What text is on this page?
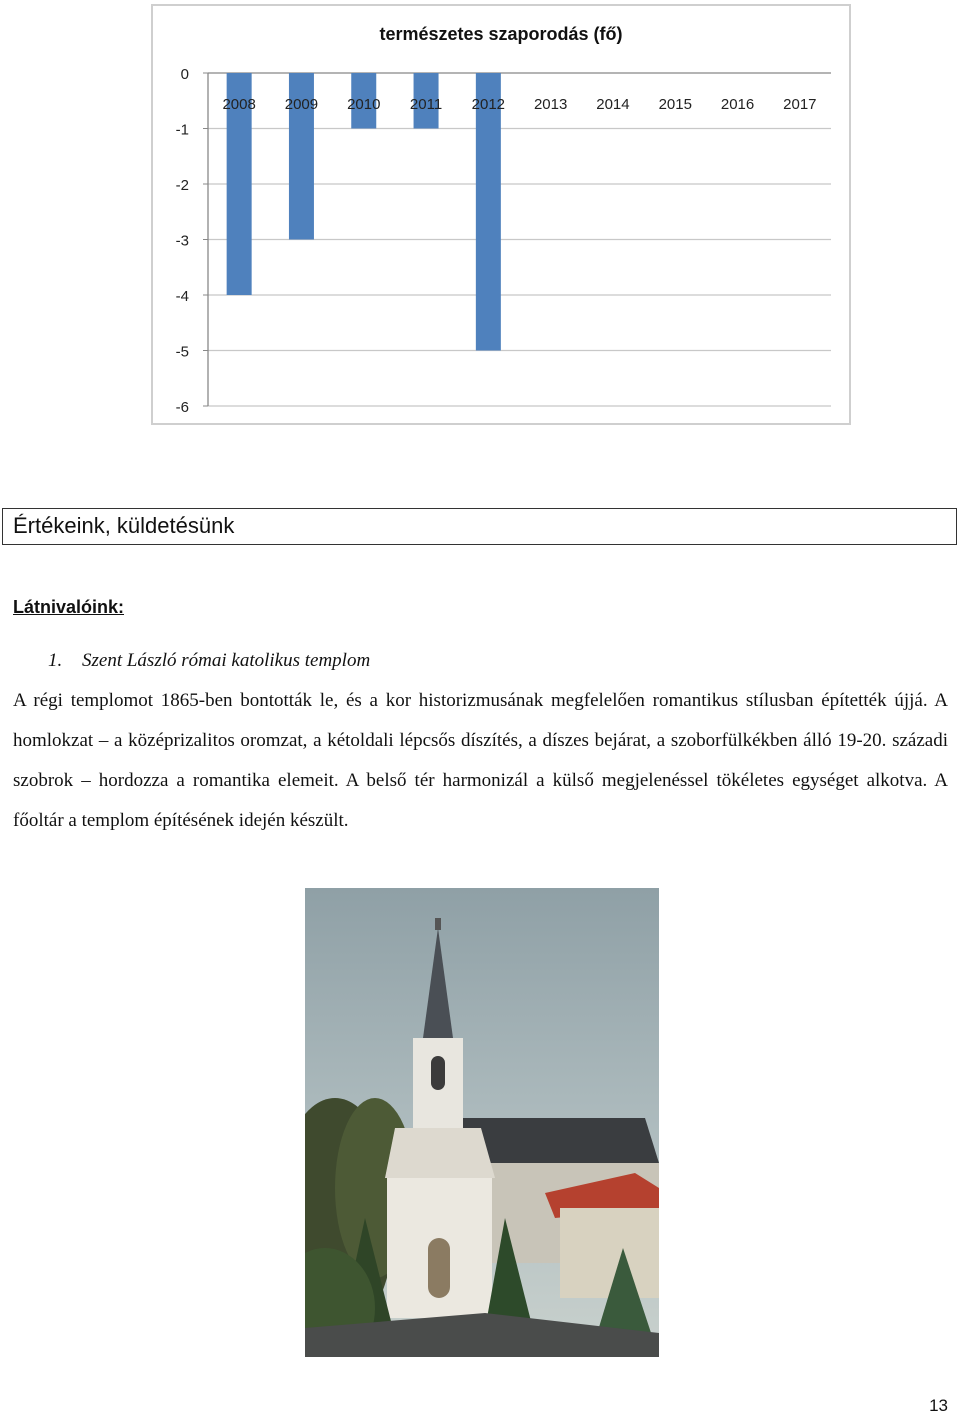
természetes szaporodás (fő)
0
-1
-2
-3
-4
-5
-6
2008 2009 2010 2011 2012 2013 2014 2015 2016 2017
Értékeink, küldetésünk
Látnivalóink:
1. Szent László római katolikus templom

A régi templomot 1865-ben bontották le, és a kor historizmusának megfelelően romantikus stílusban építették újjá. A homlokzat – a középrizalitos oromzat, a kétoldali lépcsős díszítés, a díszes bejárat, a szoborfülkékben álló 19-20. századi szobrok – hordozza a romantika elemeit. A belső tér harmonizál a külső megjelenéssel tökéletes egységet alkotva. A főoltár a templom építésének idején készült.

13
